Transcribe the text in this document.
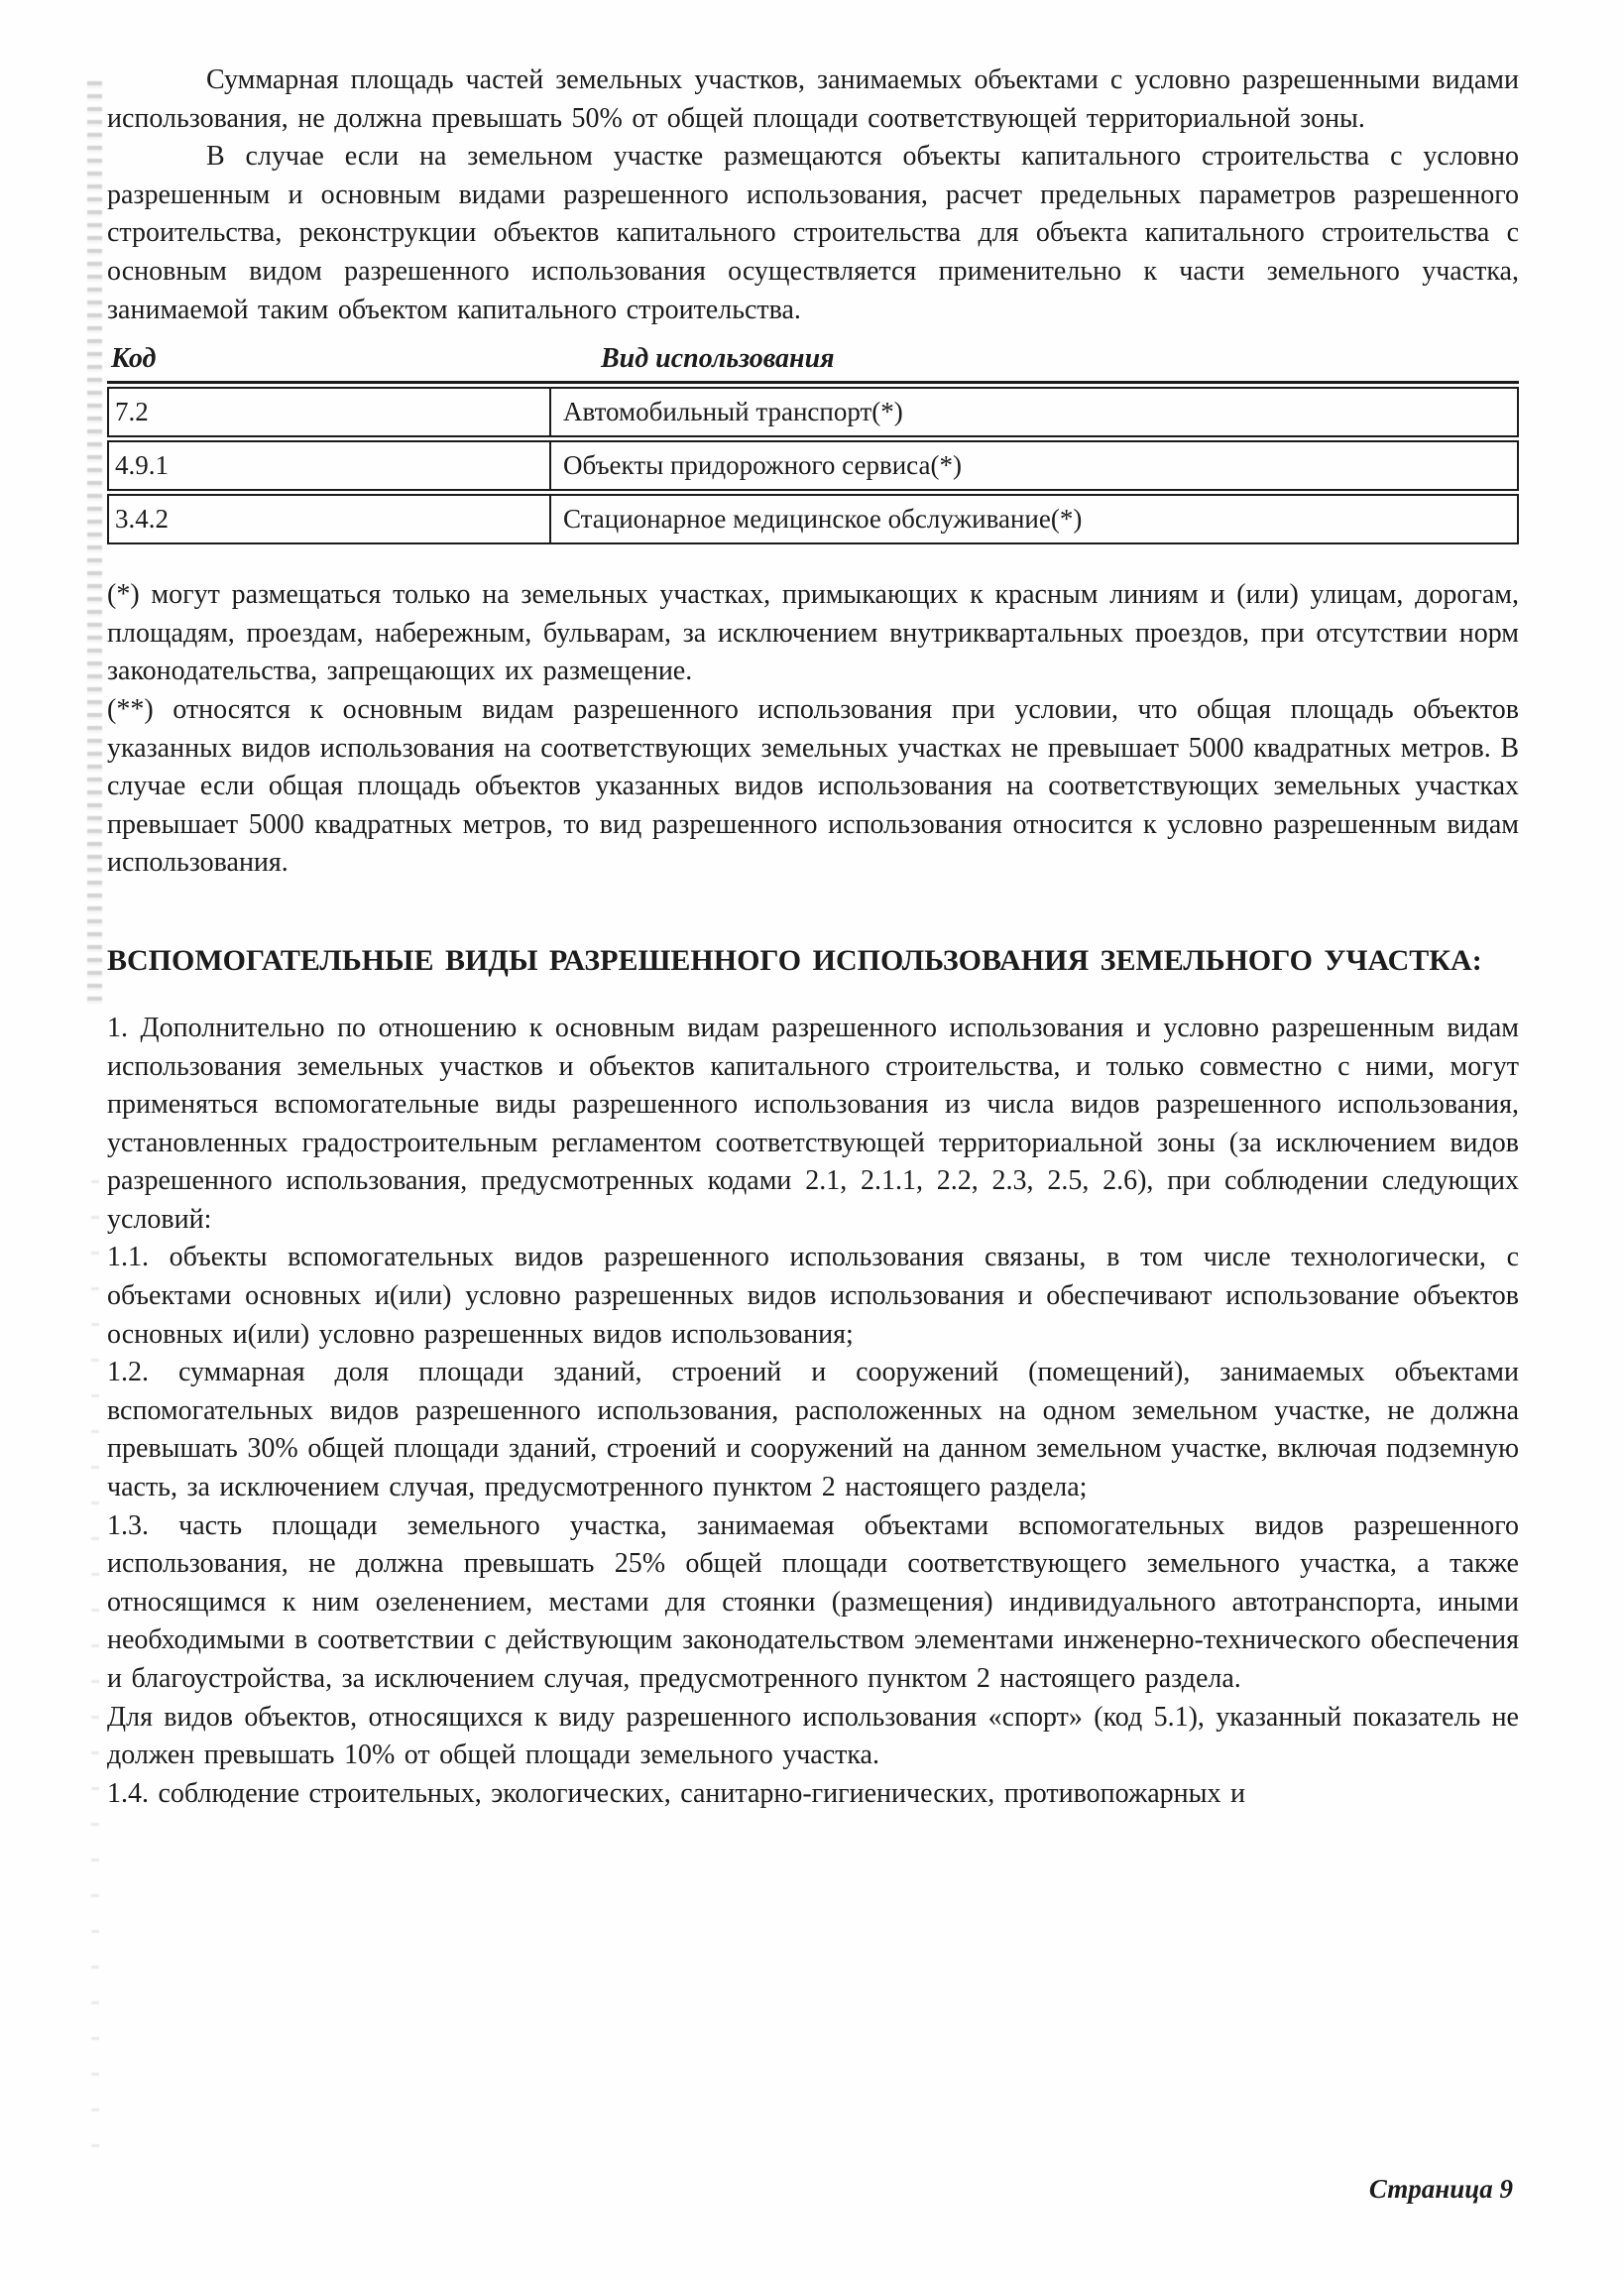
Суммарная площадь частей земельных участков, занимаемых объектами с условно разрешенными видами использования, не должна превышать 50% от общей площади соответствующей территориальной зоны.

В случае если на земельном участке размещаются объекты капитального строительства с условно разрешенным и основным видами разрешенного использования, расчет предельных параметров разрешенного строительства, реконструкции объектов капитального строительства для объекта капитального строительства с основным видом разрешенного использования осуществляется применительно к части земельного участка, занимаемой таким объектом капитального строительства.

Код	Вид использования
7.2	Автомобильный транспорт(*)
4.9.1	Объекты придорожного сервиса(*)
3.4.2	Стационарное медицинское обслуживание(*)

(*) могут размещаться только на земельных участках, примыкающих к красным линиям и (или) улицам, дорогам, площадям, проездам, набережным, бульварам, за исключением внутриквартальных проездов, при отсутствии норм законодательства, запрещающих их размещение.

(**) относятся к основным видам разрешенного использования при условии, что общая площадь объектов указанных видов использования на соответствующих земельных участках не превышает 5000 квадратных метров. В случае если общая площадь объектов указанных видов использования на соответствующих земельных участках превышает 5000 квадратных метров, то вид разрешенного использования относится к условно разрешенным видам использования.

ВСПОМОГАТЕЛЬНЫЕ ВИДЫ РАЗРЕШЕННОГО ИСПОЛЬЗОВАНИЯ ЗЕМЕЛЬНОГО УЧАСТКА:

1. Дополнительно по отношению к основным видам разрешенного использования и условно разрешенным видам использования земельных участков и объектов капитального строительства, и только совместно с ними, могут применяться вспомогательные виды разрешенного использования из числа видов разрешенного использования, установленных градостроительным регламентом соответствующей территориальной зоны (за исключением видов разрешенного использования, предусмотренных кодами 2.1, 2.1.1, 2.2, 2.3, 2.5, 2.6), при соблюдении следующих условий:

1.1. объекты вспомогательных видов разрешенного использования связаны, в том числе технологически, с объектами основных и(или) условно разрешенных видов использования и обеспечивают использование объектов основных и(или) условно разрешенных видов использования;

1.2. суммарная доля площади зданий, строений и сооружений (помещений), занимаемых объектами вспомогательных видов разрешенного использования, расположенных на одном земельном участке, не должна превышать 30% общей площади зданий, строений и сооружений на данном земельном участке, включая подземную часть, за исключением случая, предусмотренного пунктом 2 настоящего раздела;

1.3. часть площади земельного участка, занимаемая объектами вспомогательных видов разрешенного использования, не должна превышать 25% общей площади соответствующего земельного участка, а также относящимся к ним озеленением, местами для стоянки (размещения) индивидуального автотранспорта, иными необходимыми в соответствии с действующим законодательством элементами инженерно-технического обеспечения и благоустройства, за исключением случая, предусмотренного пунктом 2 настоящего раздела.

Для видов объектов, относящихся к виду разрешенного использования «спорт» (код 5.1), указанный показатель не должен превышать 10% от общей площади земельного участка.

1.4. соблюдение строительных, экологических, санитарно-гигиенических, противопожарных и

Страница 9
